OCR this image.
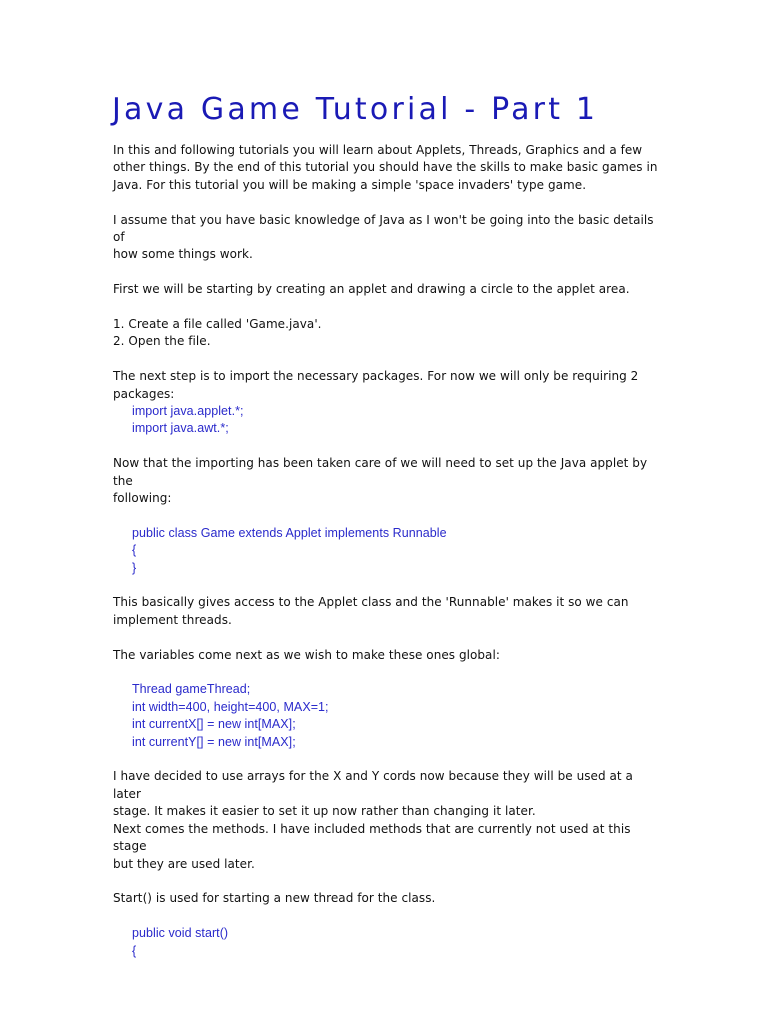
Java Game Tutorial - Part 1

In this and following tutorials you will learn about Applets, Threads, Graphics and a few

other things. By the end of this tutorial you should have the skills to make basic games in

Java. For this tutorial you will be making a simple 'space invaders' type game.

I assume that you have basic knowledge of Java as I won't be going into the basic details of

how some things work.

First we will be starting by creating an applet and drawing a circle to the applet area.

1. Create a file called 'Game.java'.

2. Open the file.

The next step is to import the necessary packages. For now we will only be requiring 2

packages:

import java.applet.*;

import java.awt.*;

Now that the importing has been taken care of we will need to set up the Java applet by the

following:

public class Game extends Applet implements Runnable

{

}

This basically gives access to the Applet class and the 'Runnable' makes it so we can

implement threads.

The variables come next as we wish to make these ones global:

Thread gameThread;

int width=400, height=400, MAX=1;

int currentX[] = new int[MAX];

int currentY[] = new int[MAX];

I have decided to use arrays for the X and Y cords now because they will be used at a later

stage. It makes it easier to set it up now rather than changing it later.

Next comes the methods. I have included methods that are currently not used at this stage

but they are used later.

Start() is used for starting a new thread for the class.

public void start()

{
